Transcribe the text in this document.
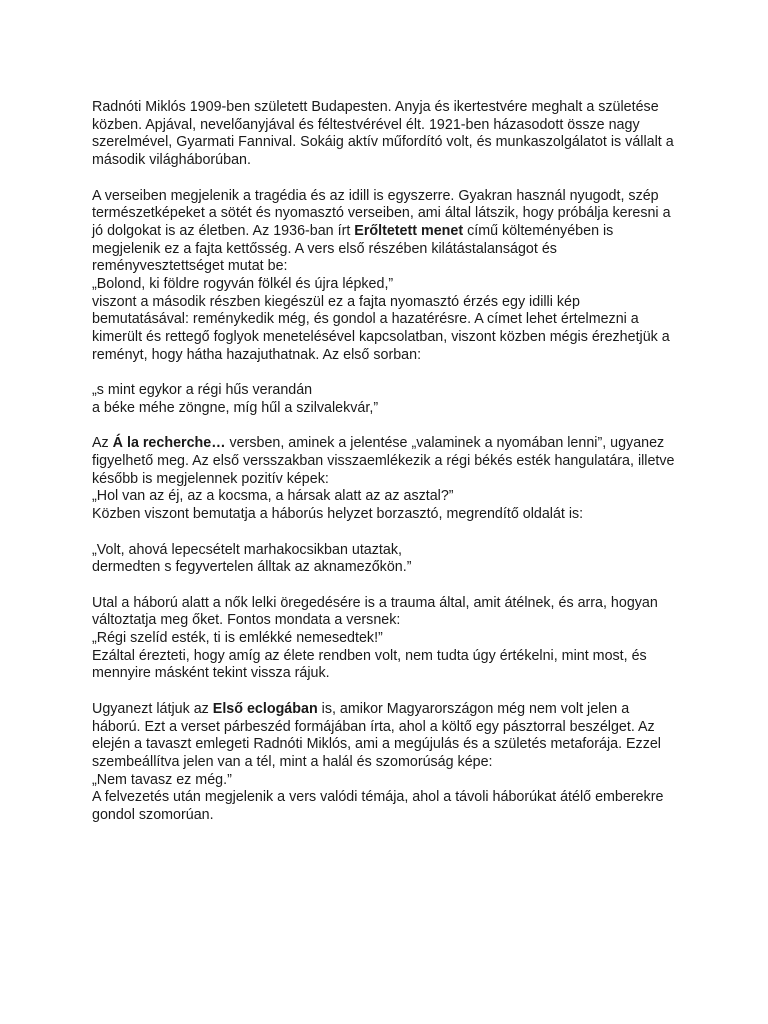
Radnóti Miklós 1909-ben született Budapesten. Anyja és ikertestvére meghalt a születése
közben. Apjával, nevelőanyjával és féltestvérével élt. 1921-ben házasodott össze nagy
szerelmével, Gyarmati Fannival. Sokáig aktív műfordító volt, és munkaszolgálatot is vállalt a
második világháborúban.

A verseiben megjelenik a tragédia és az idill is egyszerre. Gyakran használ nyugodt, szép
természetképeket a sötét és nyomasztó verseiben, ami által látszik, hogy próbálja keresni a
jó dolgokat is az életben. Az 1936-ban írt Erőltetett menet című költeményében is
megjelenik ez a fajta kettősség. A vers első részében kilátástalanságot és
reményvesztettséget mutat be:
„Bolond, ki földre rogyván fölkél és újra lépked,”
viszont a második részben kiegészül ez a fajta nyomasztó érzés egy idilli kép
bemutatásával: reménykedik még, és gondol a hazatérésre. A címet lehet értelmezni a
kimerült és rettegő foglyok menetelésével kapcsolatban, viszont közben mégis érezhetjük a
reményt, hogy hátha hazajuthatnak. Az első sorban:

„s mint egykor a régi hűs verandán
a béke méhe zöngne, míg hűl a szilvalekvár,”

Az Á la recherche… versben, aminek a jelentése „valaminek a nyomában lenni”, ugyanez
figyelhető meg. Az első versszakban visszaemlékezik a régi békés esték hangulatára, illetve
később is megjelennek pozitív képek:
„Hol van az éj, az a kocsma, a hársak alatt az az asztal?”
Közben viszont bemutatja a háborús helyzet borzasztó, megrendítő oldalát is:

„Volt, ahová lepecsételt marhakocsikban utaztak,
dermedten s fegyvertelen álltak az aknamezőkön.”

Utal a háború alatt a nők lelki öregedésére is a trauma által, amit átélnek, és arra, hogyan
változtatja meg őket. Fontos mondata a versnek:
„Régi szelíd esték, ti is emlékké nemesedtek!”
Ezáltal érezteti, hogy amíg az élete rendben volt, nem tudta úgy értékelni, mint most, és
mennyire másként tekint vissza rájuk.

Ugyanezt látjuk az Első eclogában is, amikor Magyarországon még nem volt jelen a
háború. Ezt a verset párbeszéd formájában írta, ahol a költő egy pásztorral beszélget. Az
elején a tavaszt emlegeti Radnóti Miklós, ami a megújulás és a születés metaforája. Ezzel
szembeállítva jelen van a tél, mint a halál és szomorúság képe:
„Nem tavasz ez még.”
A felvezetés után megjelenik a vers valódi témája, ahol a távoli háborúkat átélő emberekre
gondol szomorúan.
